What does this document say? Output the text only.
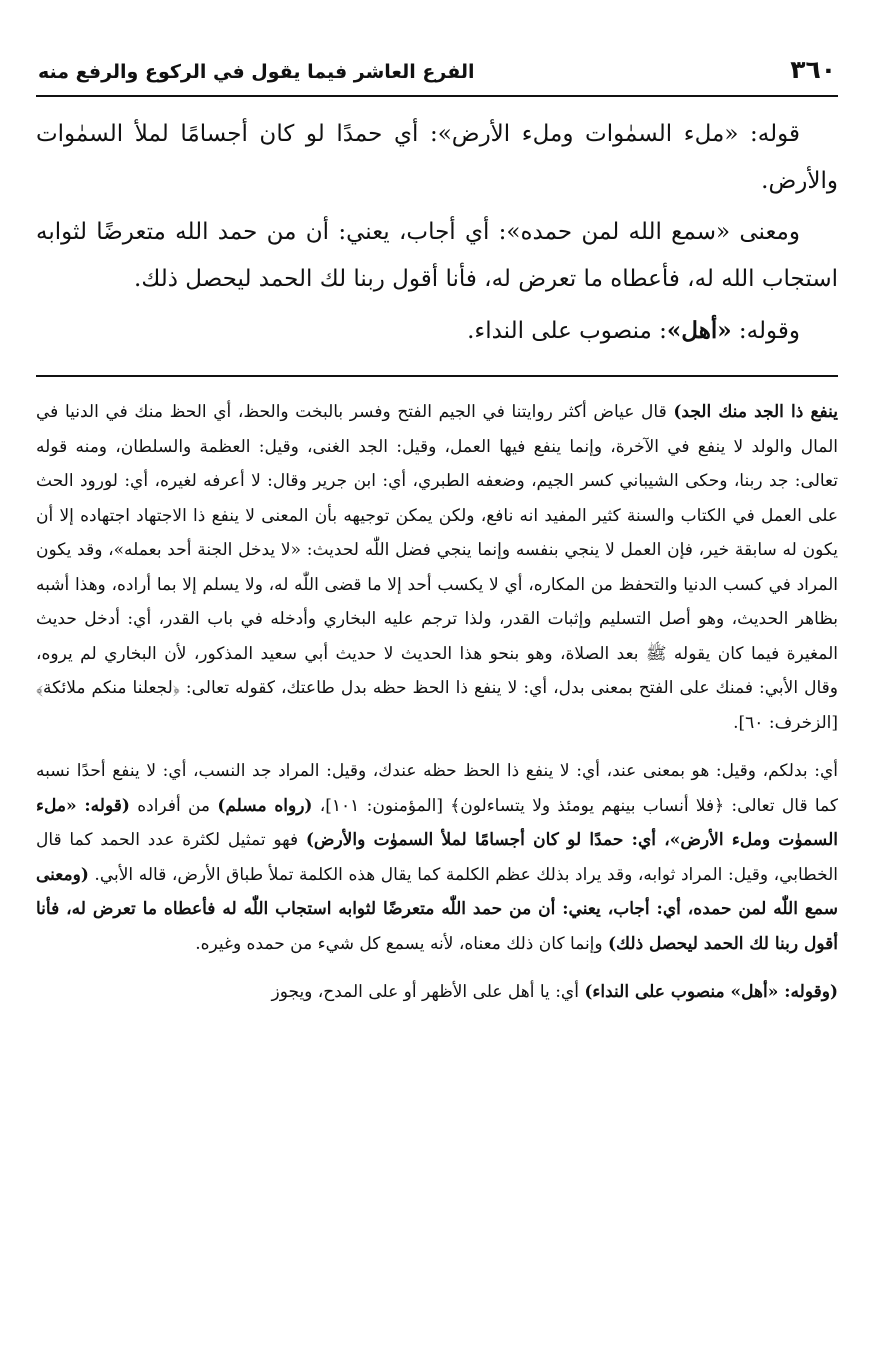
٣٦٠
الفرع العاشر فيما يقول في الركوع والرفع منه

قوله: «ملء السمٰوات وملء الأرض»: أي حمدًا لو كان أجسامًا لملأ السمٰوات والأرض.

ومعنى «سمع الله لمن حمده»: أي أجاب، يعني: أن من حمد الله متعرضًا لثوابه استجاب الله له، فأعطاه ما تعرض له، فأنا أقول ربنا لك الحمد ليحصل ذلك.

وقوله: «أهل»: منصوب على النداء.

ينفع ذا الجد منك الجد) قال عياض أكثر روايتنا في الجيم الفتح وفسر بالبخت والحظ، أي الحظ منك في الدنيا في المال والولد لا ينفع في الآخرة، وإنما ينفع فيها العمل، وقيل: الجد الغنى، وقيل: العظمة والسلطان، ومنه قوله تعالى: جد ربنا، وحكى الشيباني كسر الجيم، وضعفه الطبري، أي: ابن جرير وقال: لا أعرفه لغيره، أي: لورود الحث على العمل في الكتاب والسنة كثير المفيد انه نافع، ولكن يمكن توجيهه بأن المعنى لا ينفع ذا الاجتهاد اجتهاده إلا أن يكون له سابقة خير، فإن العمل لا ينجي بنفسه وإنما ينجي فضل اللّٰه لحديث: «لا يدخل الجنة أحد بعمله»، وقد يكون المراد في كسب الدنيا والتحفظ من المكاره، أي لا يكسب أحد إلا ما قضى اللّٰه له، ولا يسلم إلا بما أراده، وهذا أشبه بظاهر الحديث، وهو أصل التسليم وإثبات القدر، ولذا ترجم عليه البخاري وأدخله في باب القدر، أي: أدخل حديث المغيرة فيما كان يقوله ﷺ بعد الصلاة، وهو بنحو هذا الحديث لا حديث أبي سعيد المذكور، لأن البخاري لم يروه، وقال الأبي: فمنك على الفتح بمعنى بدل، أي: لا ينفع ذا الحظ حظه بدل طاعتك، كقوله تعالى: ﴿لجعلنا منكم ملائكة﴾ [الزخرف: ٦٠].

أي: بدلكم، وقيل: هو بمعنى عند، أي: لا ينفع ذا الحظ حظه عندك، وقيل: المراد جد النسب، أي: لا ينفع أحدًا نسبه كما قال تعالى: ﴿فلا أنساب بينهم يومئذ ولا يتساءلون﴾ [المؤمنون: ١٠١]، (رواه مسلم) من أفراده (قوله: «ملء السموٰت وملء الأرض»، أي: حمدًا لو كان أجسامًا لملأ السموٰت والأرض) فهو تمثيل لكثرة عدد الحمد كما قال الخطابي، وقيل: المراد ثوابه، وقد يراد بذلك عظم الكلمة كما يقال هذه الكلمة تملأ طباق الأرض، قاله الأبي. (ومعنى سمع اللّٰه لمن حمده، أي: أجاب، يعني: أن من حمد اللّٰه متعرضًا لثوابه استجاب اللّٰه له فأعطاه ما تعرض له، فأنا أقول ربنا لك الحمد ليحصل ذلك) وإنما كان ذلك معناه، لأنه يسمع كل شيء من حمده وغيره.

(وقوله: «أهل» منصوب على النداء) أي: يا أهل على الأظهر أو على المدح، ويجوز
